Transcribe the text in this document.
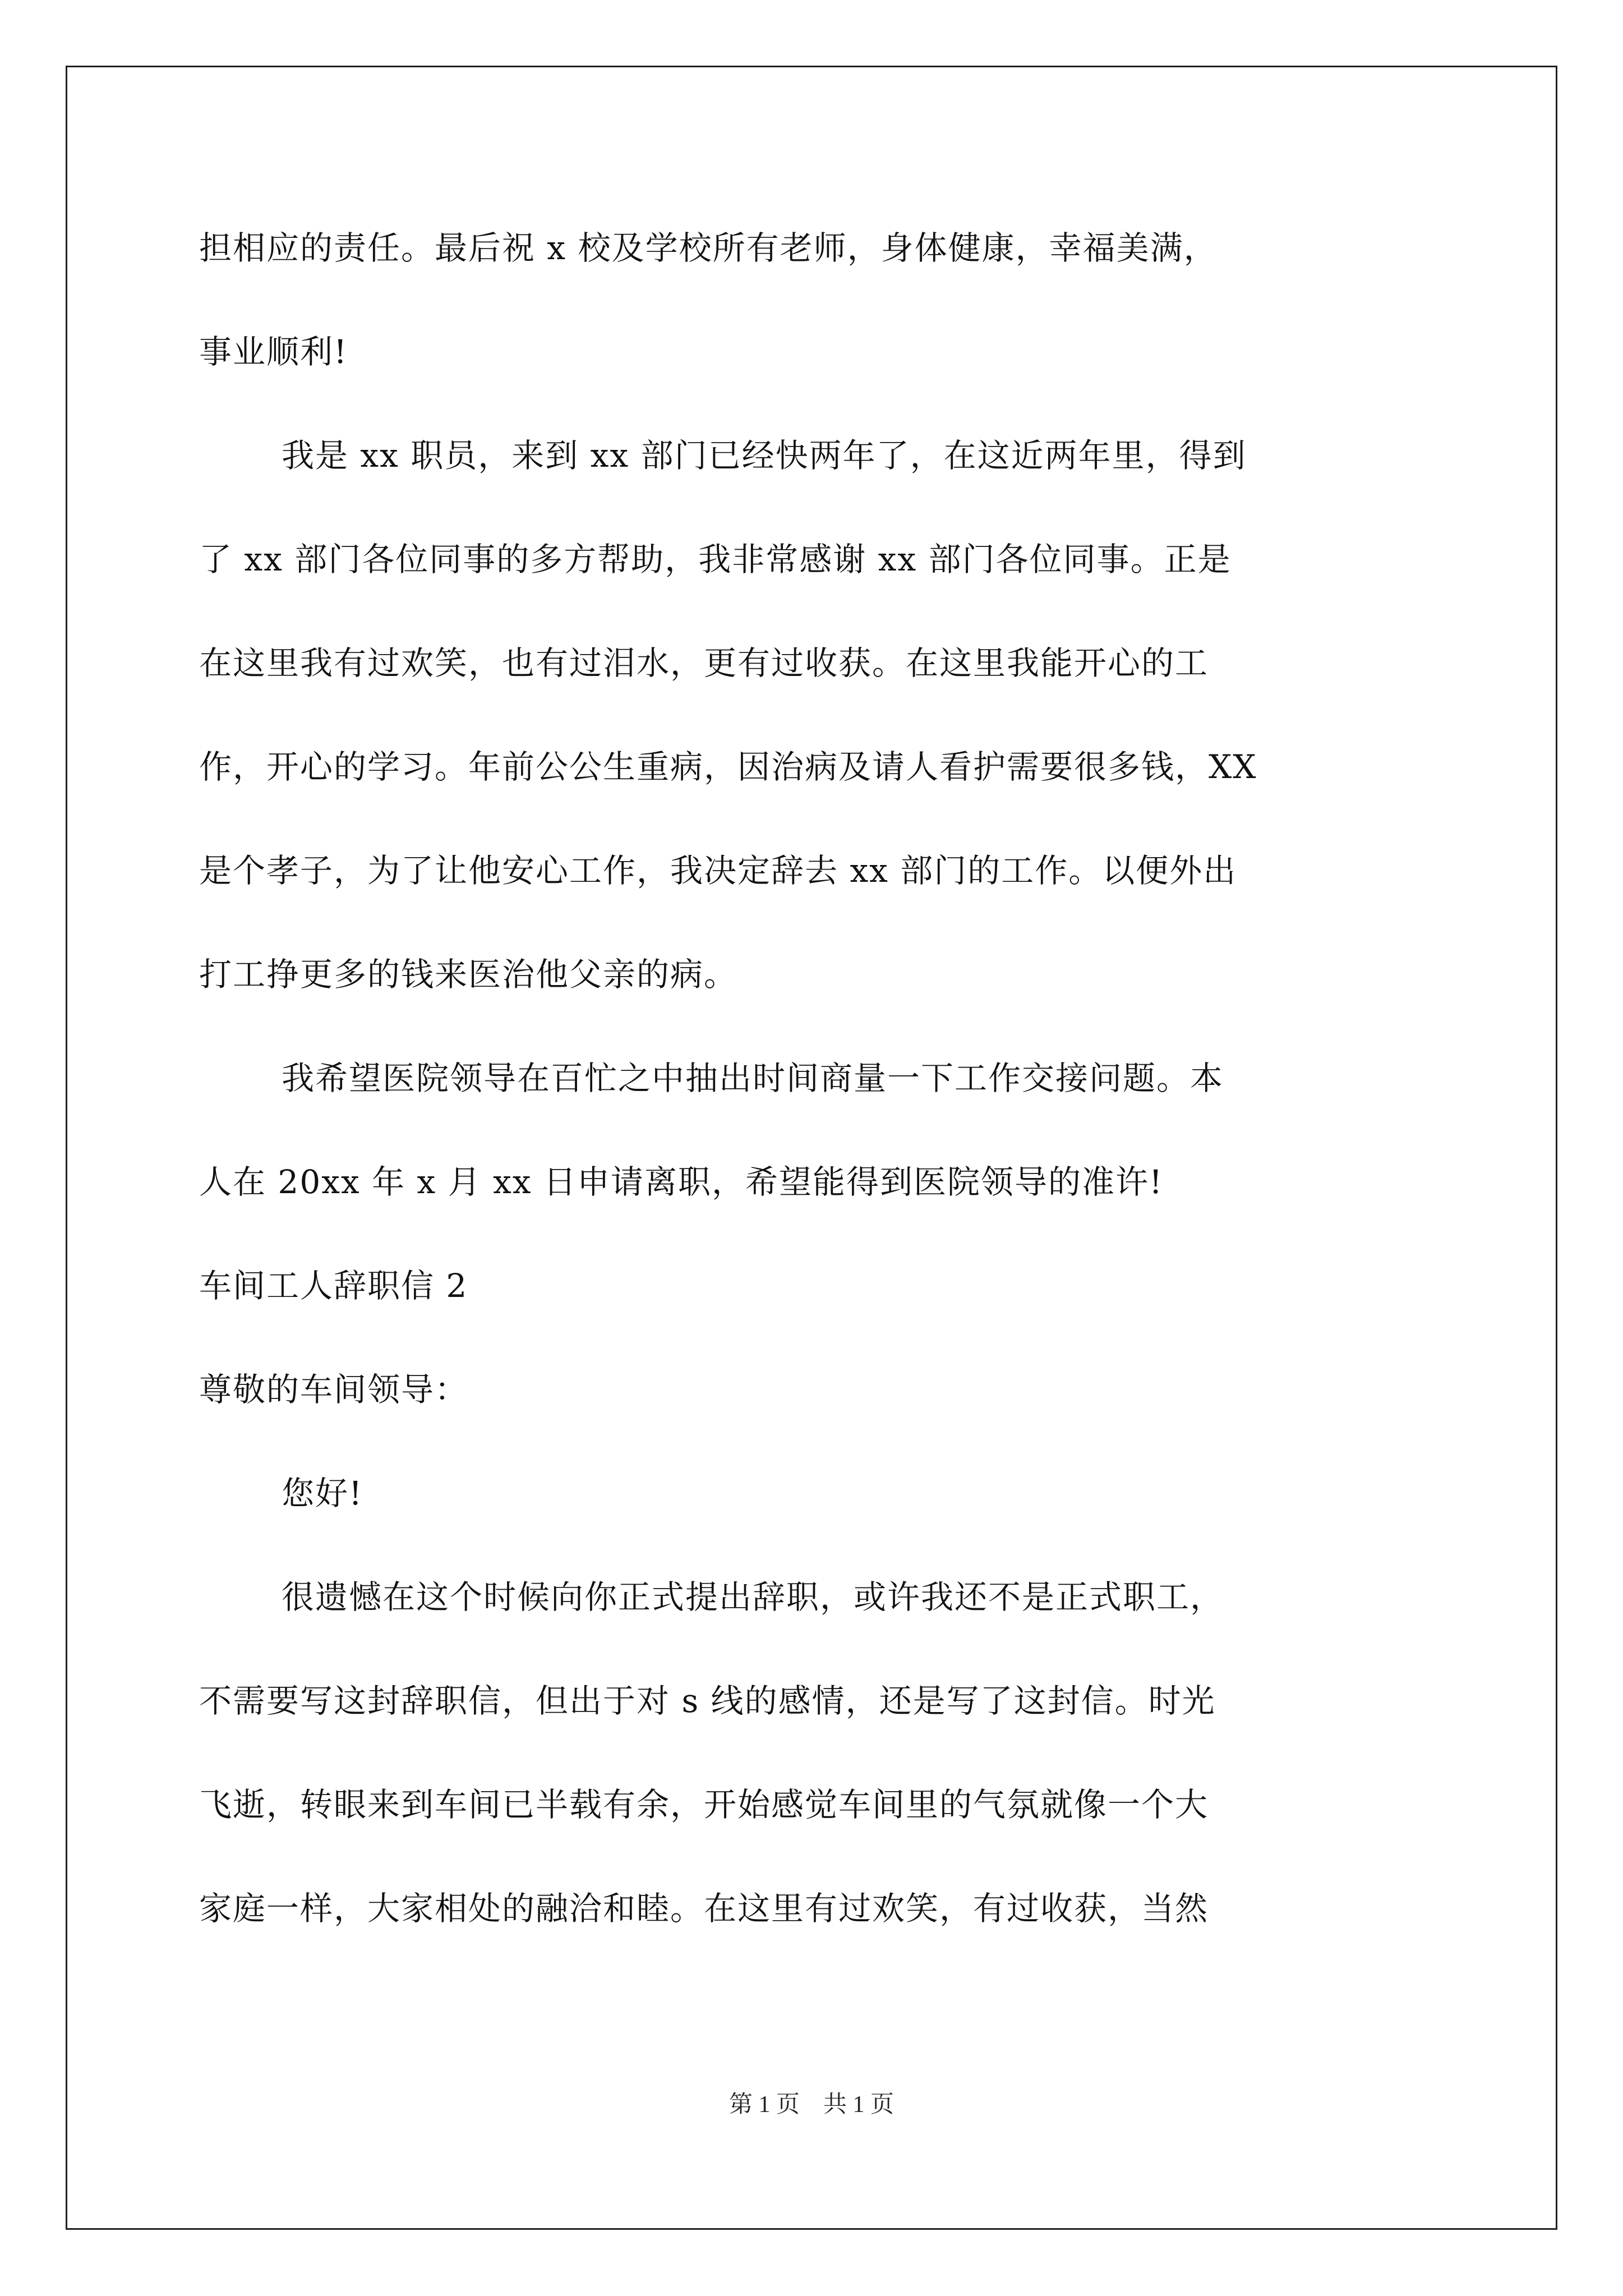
担相应的责任。最后祝 x 校及学校所有老师，身体健康，幸福美满，
事业顺利!
我是 xx 职员，来到 xx 部门已经快两年了，在这近两年里，得到
了 xx 部门各位同事的多方帮助，我非常感谢 xx 部门各位同事。正是
在这里我有过欢笑，也有过泪水，更有过收获。在这里我能开心的工
作，开心的学习。年前公公生重病，因治病及请人看护需要很多钱，XX
是个孝子，为了让他安心工作，我决定辞去 xx 部门的工作。以便外出
打工挣更多的钱来医治他父亲的病。
我希望医院领导在百忙之中抽出时间商量一下工作交接问题。本
人在 20xx 年 x 月 xx 日申请离职，希望能得到医院领导的准许!
车间工人辞职信 2
尊敬的车间领导：
您好!
很遗憾在这个时候向你正式提出辞职，或许我还不是正式职工，
不需要写这封辞职信，但出于对 s 线的感情，还是写了这封信。时光
飞逝，转眼来到车间已半载有余，开始感觉车间里的气氛就像一个大
家庭一样，大家相处的融洽和睦。在这里有过欢笑，有过收获，当然
第 1 页　共 1 页
